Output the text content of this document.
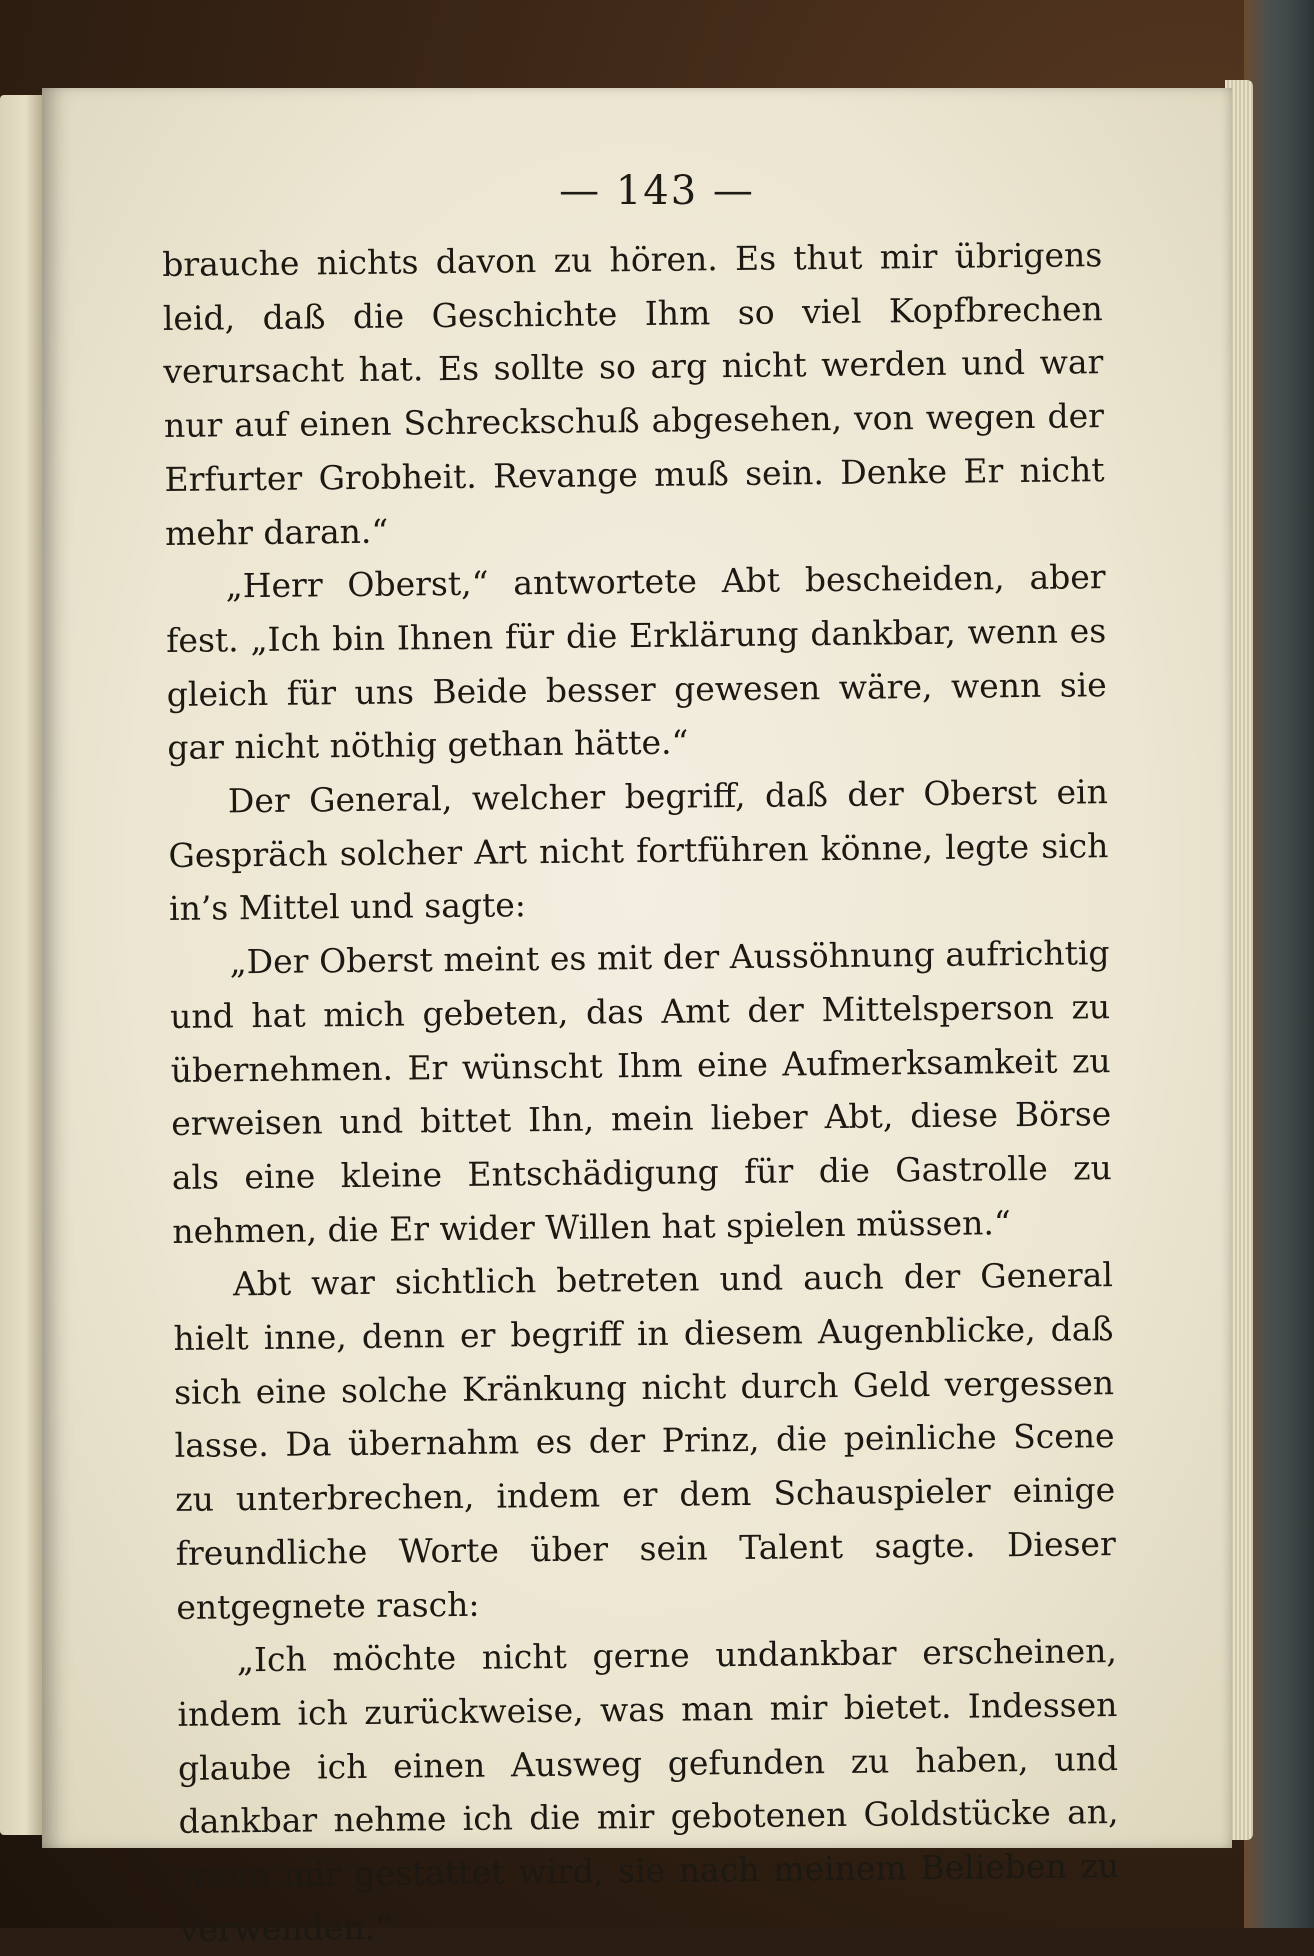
— 143 —

brauche nichts davon zu hören. Es thut mir übrigens leid, daß die Geschichte Ihm so viel Kopfbrechen verursacht hat. Es sollte so arg nicht werden und war nur auf einen Schreckschuß abgesehen, von wegen der Erfurter Grobheit. Revange muß sein. Denke Er nicht mehr daran.“

„Herr Oberst,“ antwortete Abt bescheiden, aber fest. „Ich bin Ihnen für die Erklärung dankbar, wenn es gleich für uns Beide besser gewesen wäre, wenn sie gar nicht nöthig gethan hätte.“

Der General, welcher begriff, daß der Oberst ein Gespräch solcher Art nicht fortführen könne, legte sich in’s Mittel und sagte:

„Der Oberst meint es mit der Aussöhnung aufrichtig und hat mich gebeten, das Amt der Mittelsperson zu übernehmen. Er wünscht Ihm eine Aufmerksamkeit zu erweisen und bittet Ihn, mein lieber Abt, diese Börse als eine kleine Entschädigung für die Gastrolle zu nehmen, die Er wider Willen hat spielen müssen.“

Abt war sichtlich betreten und auch der General hielt inne, denn er begriff in diesem Augenblicke, daß sich eine solche Kränkung nicht durch Geld vergessen lasse. Da übernahm es der Prinz, die peinliche Scene zu unterbrechen, indem er dem Schauspieler einige freundliche Worte über sein Talent sagte. Dieser entgegnete rasch:

„Ich möchte nicht gerne undankbar erscheinen, indem ich zurückweise, was man mir bietet. Indessen glaube ich einen Ausweg gefunden zu haben, und dankbar nehme ich die mir gebotenen Goldstücke an, wenn mir gestattet wird, sie nach meinem Belieben zu verwenden.“
